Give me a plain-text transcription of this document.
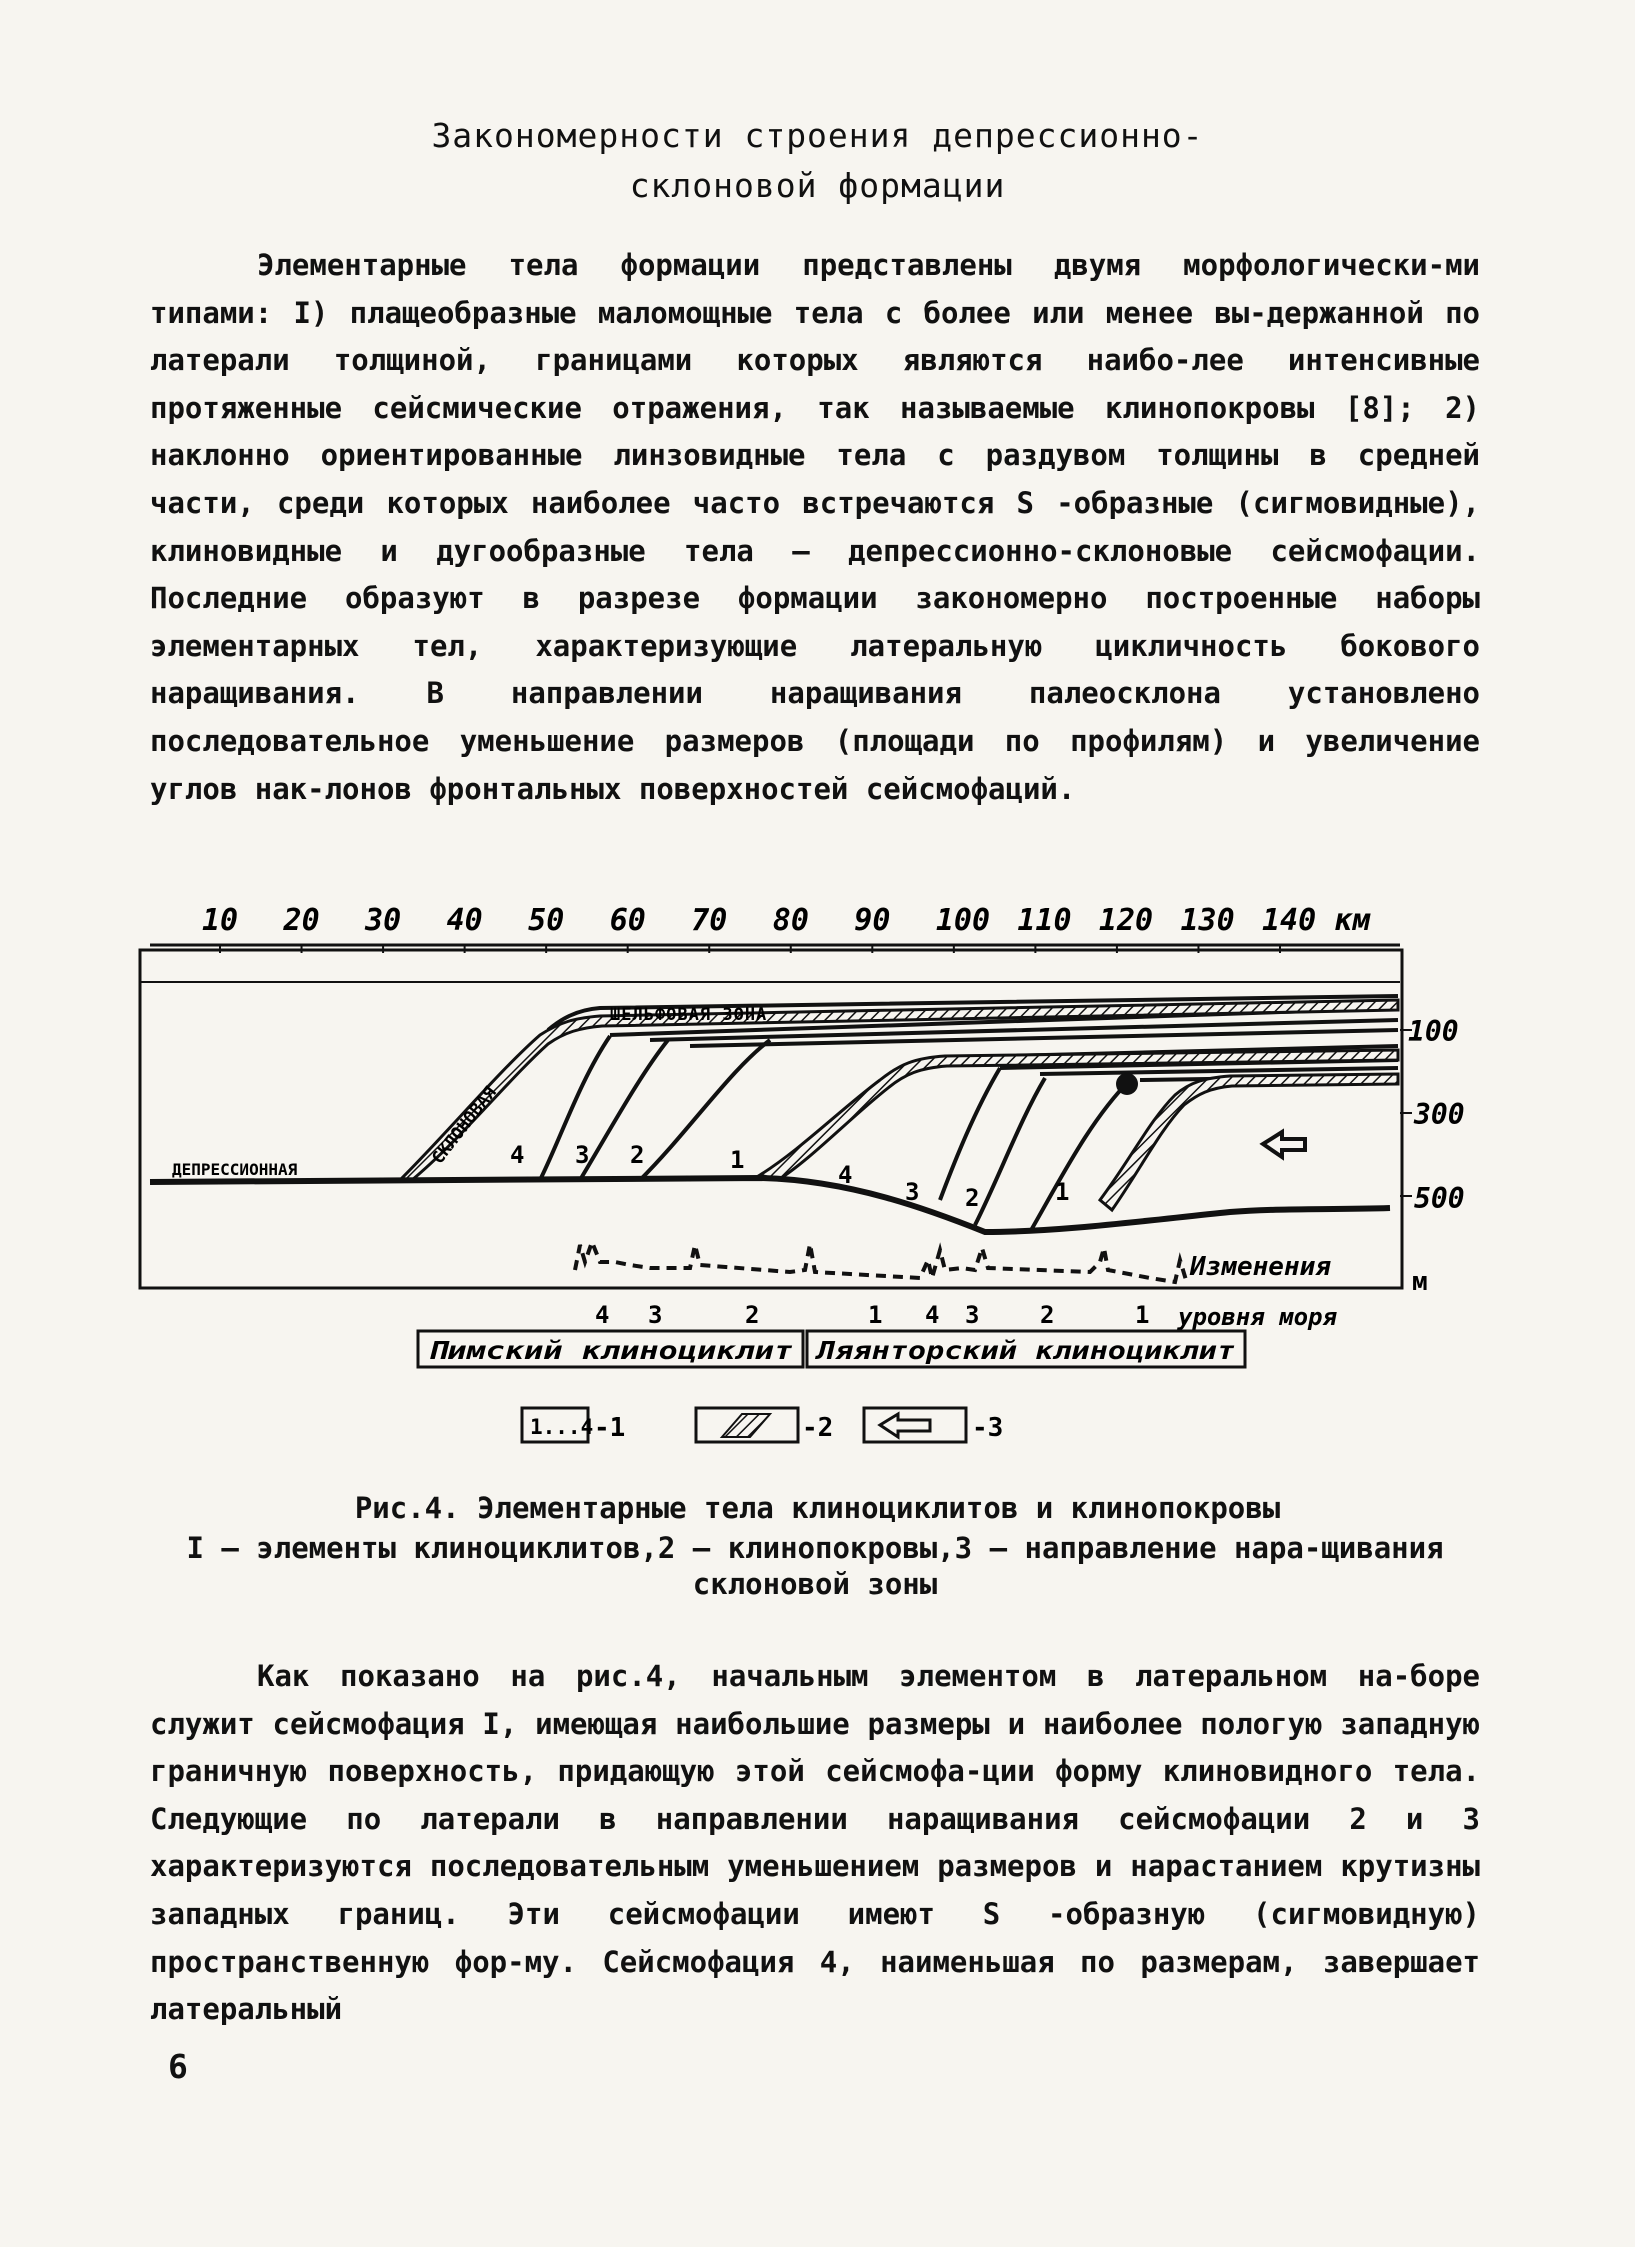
Закономерности строения депрессионно-
склоновой формации
Элементарные тела формации представлены двумя морфологически-ми типами: I) плащеобразные маломощные тела с более или менее вы-держанной по латерали толщиной, границами которых являются наибо-лее интенсивные протяженные сейсмические отражения, так называемые клинопокровы [8]; 2) наклонно ориентированные линзовидные тела с раздувом толщины в средней части, среди которых наиболее часто встречаются S -образные (сигмовидные), клиновидные и дугообразные тела – депрессионно-склоновые сейсмофации. Последние образуют в разрезе формации закономерно построенные наборы элементарных тел, характеризующие латеральную цикличность бокового наращивания. В направлении наращивания палеосклона установлено последовательное уменьшение размеров (площади по профилям) и увеличение углов нак-лонов фронтальных поверхностей сейсмофаций.
10 20 30 40 50 60 70 80 90 100 110 120 130 140 км
100
300
500
м
ШЕЛЬФОВАЯ ЗОНА
СКЛОНОВАЯ
ДЕПРЕССИОННАЯ
4 3 2	1
4
3 2	1
Изменения
уровня моря
4 3	2	1 4 3	2	1
Пимский клиноциклит Ляянторский клиноциклит
1...4 -1	-2	-3
Рис.4. Элементарные тела клиноциклитов и клинопокровы
I – элементы клиноциклитов,2 – клинопокровы,3 – направление нара-щивания склоновой зоны
Как показано на рис.4, начальным элементом в латеральном на-боре служит сейсмофация I, имеющая наибольшие размеры и наиболее пологую западную граничную поверхность, придающую этой сейсмофа-ции форму клиновидного тела. Следующие по латерали в направлении наращивания сейсмофации 2 и 3 характеризуются последовательным уменьшением размеров и нарастанием крутизны западных границ. Эти сейсмофации имеют S -образную (сигмовидную) пространственную фор-му. Сейсмофация 4, наименьшая по размерам, завершает латеральный
6
